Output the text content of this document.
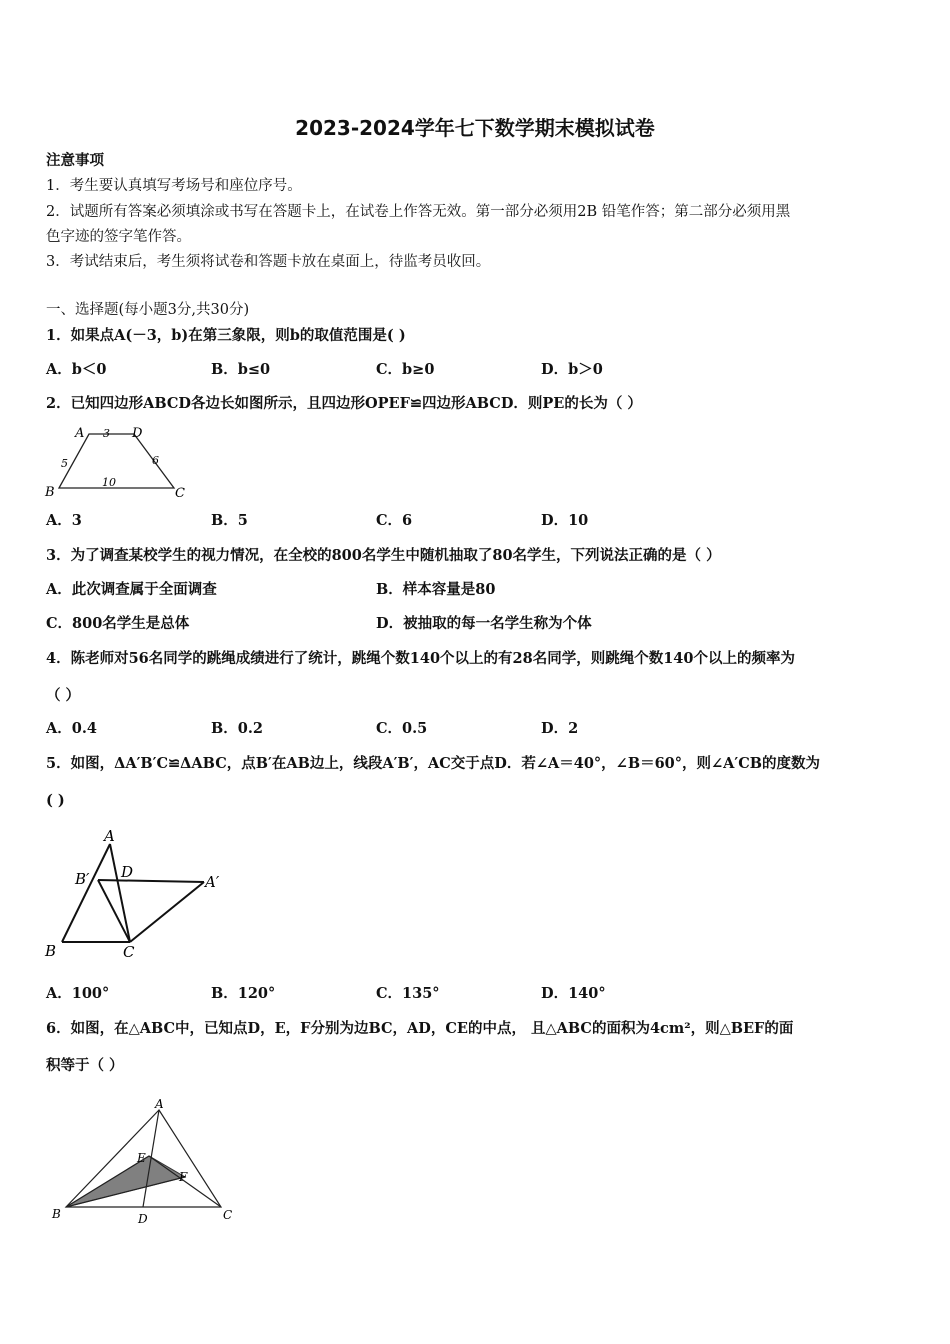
2023-2024学年七下数学期末模拟试卷
注意事项
1．考生要认真填写考场号和座位序号。
2．试题所有答案必须填涂或书写在答题卡上，在试卷上作答无效。第一部分必须用2B 铅笔作答；第二部分必须用黑
色字迹的签字笔作答。
3．考试结束后，考生须将试卷和答题卡放在桌面上，待监考员收回。
一、选择题(每小题3分,共30分)
1．如果点A(－3，b)在第三象限，则b的取值范围是( )
A．b＜0	B．b≤0	C．b≥0	D．b＞0
2．已知四边形ABCD各边长如图所示，且四边形OPEF≌四边形ABCD．则PE的长为（ ）
A 3 D
5	6
B
10
C
A．3	B．5	C．6	D．10
3．为了调查某校学生的视力情况，在全校的800名学生中随机抽取了80名学生，下列说法正确的是（ ）
A．此次调查属于全面调查	B．样本容量是80
C．800名学生是总体	D．被抽取的每一名学生称为个体
4．陈老师对56名同学的跳绳成绩进行了统计，跳绳个数140个以上的有28名同学，则跳绳个数140个以上的频率为
（ ）
A．0.4	B．0.2	C．0.5	D．2
5．如图，ΔA′B′C≌ΔABC，点B′在AB边上，线段A′B′，AC交于点D．若∠A＝40°，∠B＝60°，则∠A′CB的度数为
( )
A
B′ D
A′
B	C
A．100°	B．120°	C．135°	D．140°
6．如图，在△ABC中，已知点D，E，F分别为边BC，AD，CE的中点， 且△ABC的面积为4cm²，则△BEF的面
积等于（ ）
A
E
F
B	D	C
